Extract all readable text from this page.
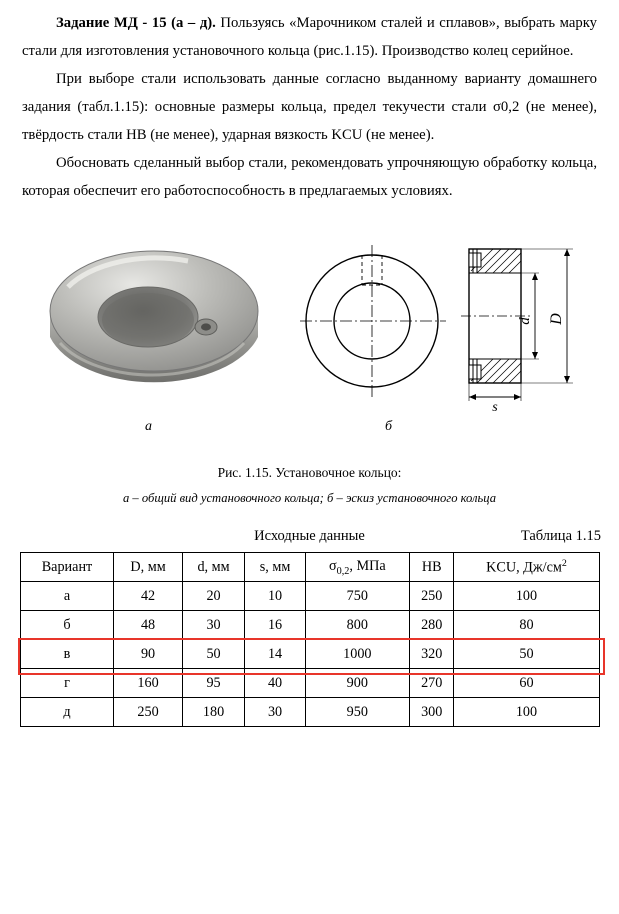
Задание МД - 15 (а – д). Пользуясь «Марочником сталей и сплавов», выбрать марку стали для изготовления установочного кольца (рис.1.15). Производство колец серийное.

При выборе стали использовать данные согласно выданному варианту домашнего задания (табл.1.15): основные размеры кольца, предел текучести стали σ0,2 (не менее), твёрдость стали НВ (не менее), ударная вязкость KCU (не менее).

Обосновать сделанный выбор стали, рекомендовать упрочняющую обработку кольца, которая обеспечит его работоспособность в предлагаемых условиях.

d D
s
а	б
Рис. 1.15. Установочное кольцо:
а – общий вид установочного кольца; б – эскиз установочного кольца
Исходные данные	Таблица 1.15
Вариант	D, мм	d, мм	s, мм	$\sigma_{0,2}$, МПа	НВ	KCU, $Дж/см^2$
а	42	20	10	750	250	100
б	48	30	16	800	280	80
в	90	50	14	1000	320	50
г	160	95	40	900	270	60
д	250	180	30	950	300	100
